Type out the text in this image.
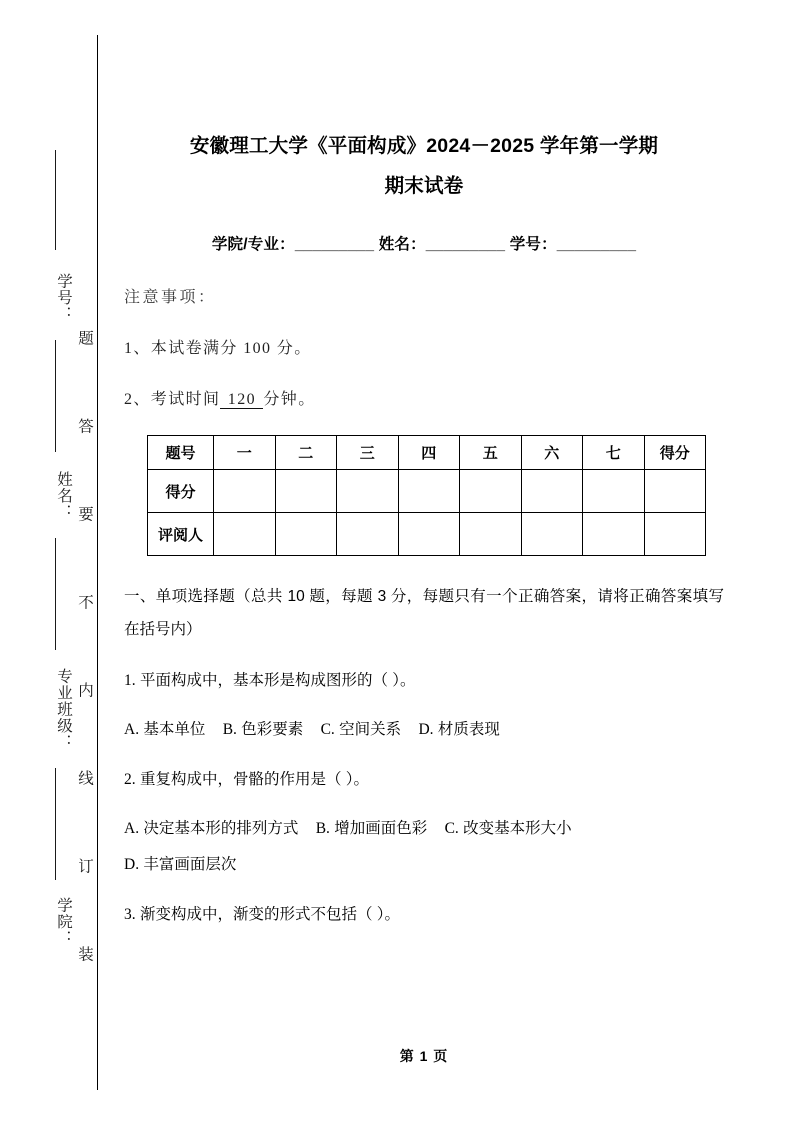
题
答
要
不
内
线
订
装
学号：
姓名：
专业班级：
学院：
安徽理工大学《平面构成》2024－2025 学年第一学期
期末试卷
学院/专业：_________ 姓名：_________ 学号：_________
注意事项：
1、本试卷满分 100 分。
2、考试时间 120 分钟。
题号	一	二	三	四	五	六	七	得分
得分								
评阅人								
一、单项选择题（总共 10 题，每题 3 分，每题只有一个正确答案，请将正确答案填写在括号内）
1. 平面构成中，基本形是构成图形的（ ）。
A. 基本单位 B. 色彩要素 C. 空间关系 D. 材质表现
2. 重复构成中，骨骼的作用是（ ）。
A. 决定基本形的排列方式 B. 增加画面色彩 C. 改变基本形大小
D. 丰富画面层次
3. 渐变构成中，渐变的形式不包括（ ）。
第 1 页
